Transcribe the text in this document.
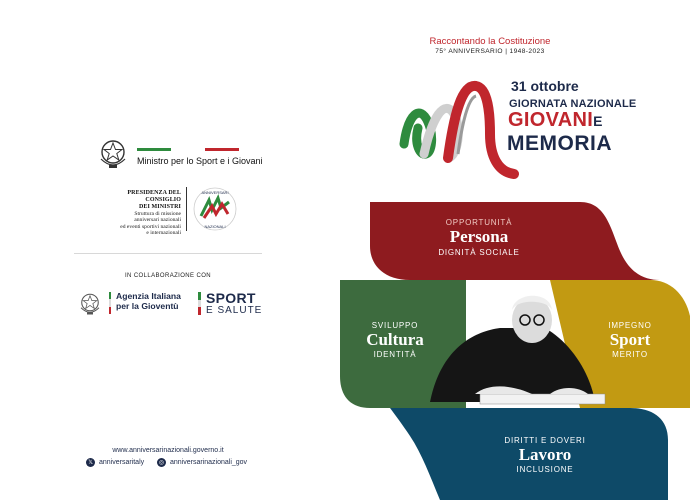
Ministro per lo Sport e i Giovani
PRESIDENZA DEL CONSIGLIO
DEI MINISTRI
Struttura di missione
anniversari nazionali
ed eventi sportivi nazionali
e internazionali
ANNIVERSARI
NAZIONALI
IN COLLABORAZIONE CON
Agenzia Italiana
per la Gioventù SPORT
E SALUTE
www.anniversarinazionali.governo.it
𝕏 anniversaritaly	◎ anniversarinazionali_gov
Raccontando la Costituzione
75° ANNIVERSARIO | 1948-2023
31 ottobre
GIORNATA NAZIONALE
GIOVANIE
MEMORIA
OPPORTUNITÀ
Persona
DIGNITÀ SOCIALE
SVILUPPO
Cultura
IDENTITÀ
IMPEGNO
Sport
MERITO
DIRITTI E DOVERI
Lavoro
INCLUSIONE
